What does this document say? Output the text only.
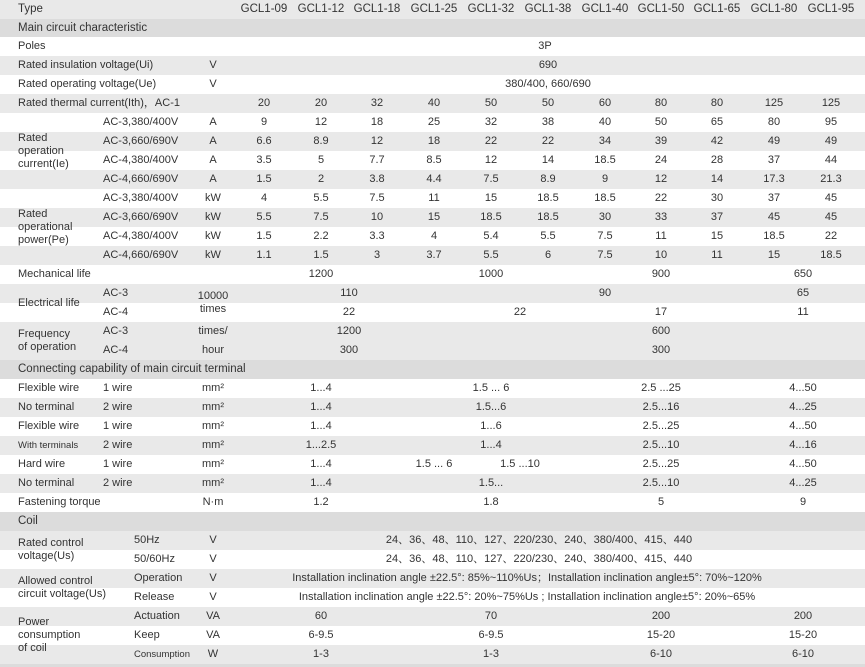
Type	GCL1-09 GCL1-12 GCL1-18 GCL1-25 GCL1-32 GCL1-38 GCL1-40 GCL1-50 GCL1-65 GCL1-80 GCL1-95
Main circuit characteristic
Connecting capability of main circuit terminal
Coil
Poles	3P
Rated insulation voltage(Ui)	V	690
Rated operating voltage(Ue)	V	380/400, 660/690
Rated thermal current(Ith)，AC-1	20	20	32	40	50	50	60	80	80	125	125
Rated
operation
current(Ie)
AC-3,380/400V	A	9	12	18	25	32	38	40	50	65	80	95
AC-3,660/690V	A	6.6	8.9	12	18	22	22	34	39	42	49	49
AC-4,380/400V	A	3.5	5	7.7	8.5	12	14	18.5	24	28	37	44
AC-4,660/690V	A	1.5	2	3.8	4.4	7.5	8.9	9	12	14	17.3	21.3
Rated
operational
power(Pe)
AC-3,380/400V	kW	4	5.5	7.5	11	15	18.5	18.5	22	30	37	45
AC-3,660/690V	kW	5.5	7.5	10	15	18.5	18.5	30	33	37	45	45
AC-4,380/400V	kW	1.5	2.2	3.3	4	5.4	5.5	7.5	11	15	18.5	22
AC-4,660/690V	kW	1.1	1.5	3	3.7	5.5	6	7.5	10	11	15	18.5
Mechanical life	1200	1000	900	650
Electrical life
10000
times
AC-3	110	90	65
AC-4	22	22	17	11
Frequency
of operation
AC-3	times/	1200	600
AC-4	hour	300	300
Flexible wire 1 wire	mm²	1...4	1.5 ... 6	2.5 ...25	4...50
No terminal	2 wire	mm²	1...4	1.5...6	2.5...16	4...25
Flexible wire 1 wire	mm²	1...4	1...6	2.5...25	4...50
With terminals 2 wire	mm²	1...2.5	1...4	2.5...10	4...16
Hard wire	1 wire	mm²	1...4	1.5 ... 6	1.5 ...10	2.5...25	4...50
No terminal	2 wire	mm²	1...4	1.5...	2.5...10	4...25
Fastening torque	N·m	1.2	1.8	5	9
Rated control
voltage(Us)
50Hz	V	24、36、48、110、127、220/230、240、380/400、415、440
50/60Hz	V	24、36、48、110、127、220/230、240、380/400、415、440
Allowed control
circuit voltage(Us)
Operation	V	Installation inclination angle ±22.5°: 85%~110%Us；Installation inclination angle±5°: 70%~120%
Release	V	Installation inclination angle ±22.5°: 20%~75%Us ; Installation inclination angle±5°: 20%~65%
Power
consumption
of coil
Actuation	VA	60	70	200	200
Keep	VA	6-9.5	6-9.5	15-20	15-20
Consumption	W	1-3	1-3	6-10	6-10
